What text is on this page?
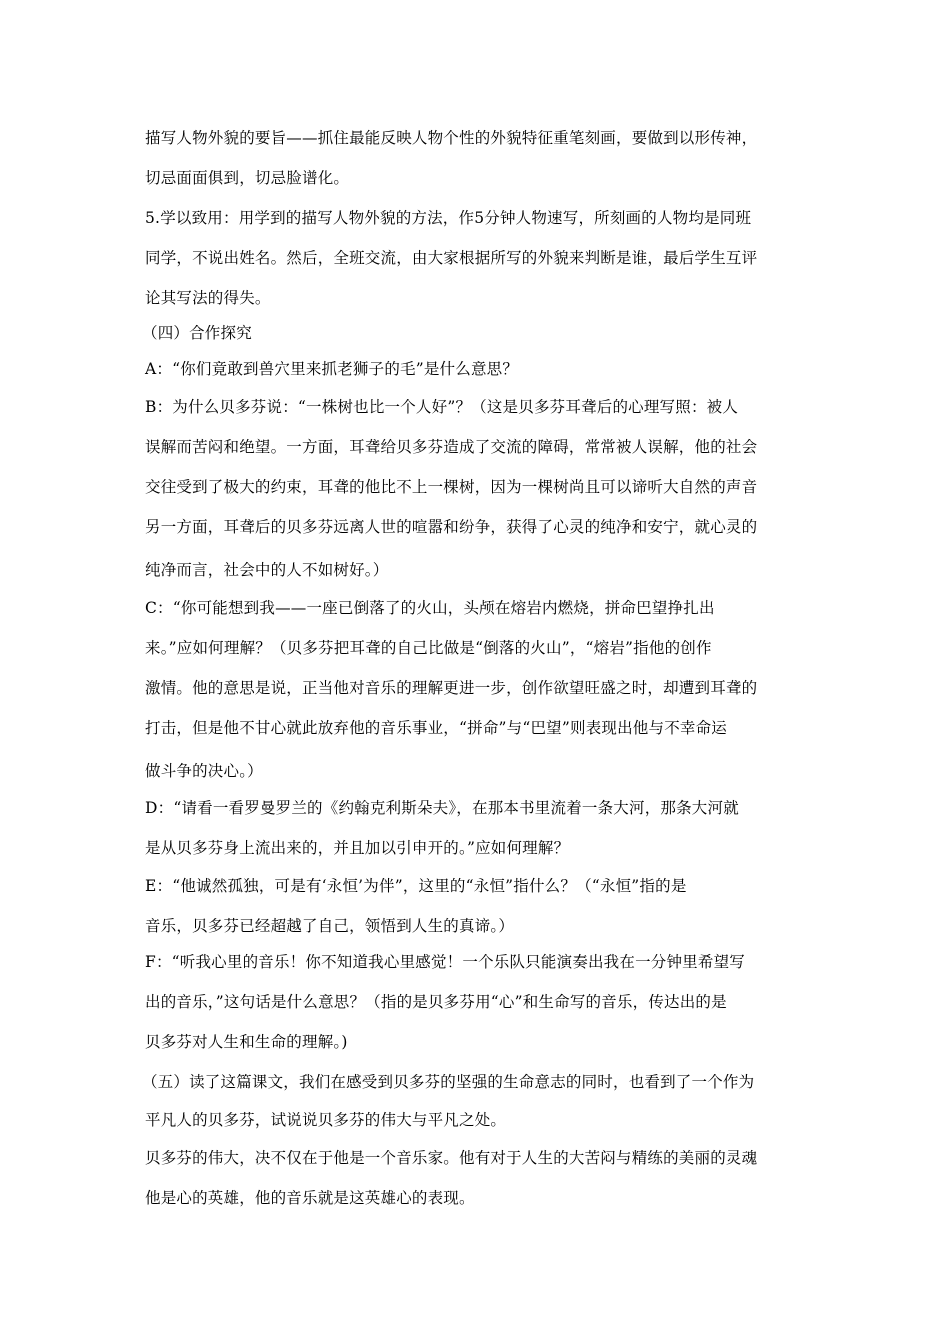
描写人物外貌的要旨——抓住最能反映人物个性的外貌特征重笔刻画，要做到以形传神，
切忌面面俱到，切忌脸谱化。
5.学以致用：用学到的描写人物外貌的方法，作5分钟人物速写，所刻画的人物均是同班
同学，不说出姓名。然后，全班交流，由大家根据所写的外貌来判断是谁，最后学生互评
论其写法的得失。
（四）合作探究
A：“你们竟敢到兽穴里来抓老狮子的毛”是什么意思？
B：为什么贝多芬说：“一株树也比一个人好”？（这是贝多芬耳聋后的心理写照：被人
误解而苦闷和绝望。一方面，耳聋给贝多芬造成了交流的障碍，常常被人误解，他的社会
交往受到了极大的约束，耳聋的他比不上一棵树，因为一棵树尚且可以谛听大自然的声音
另一方面，耳聋后的贝多芬远离人世的喧嚣和纷争，获得了心灵的纯净和安宁，就心灵的
纯净而言，社会中的人不如树好。）
C：“你可能想到我——一座已倒落了的火山，头颅在熔岩内燃烧，拼命巴望挣扎出
来。”应如何理解？（贝多芬把耳聋的自己比做是“倒落的火山”，“熔岩”指他的创作
激情。他的意思是说，正当他对音乐的理解更进一步，创作欲望旺盛之时，却遭到耳聋的
打击，但是他不甘心就此放弃他的音乐事业，“拼命”与“巴望”则表现出他与不幸命运
做斗争的决心。）
D：“请看一看罗曼罗兰的《约翰克利斯朵夫》，在那本书里流着一条大河，那条大河就
是从贝多芬身上流出来的，并且加以引申开的。”应如何理解？
E：“他诚然孤独，可是有‘永恒’为伴”，这里的“永恒”指什么？（“永恒”指的是
音乐，贝多芬已经超越了自己，领悟到人生的真谛。）
F：“听我心里的音乐！你不知道我心里感觉！一个乐队只能演奏出我在一分钟里希望写
出的音乐，”这句话是什么意思？（指的是贝多芬用“心”和生命写的音乐，传达出的是
贝多芬对人生和生命的理解。)
（五）读了这篇课文，我们在感受到贝多芬的坚强的生命意志的同时，也看到了一个作为
平凡人的贝多芬，试说说贝多芬的伟大与平凡之处。
贝多芬的伟大，决不仅在于他是一个音乐家。他有对于人生的大苦闷与精练的美丽的灵魂
他是心的英雄，他的音乐就是这英雄心的表现。
